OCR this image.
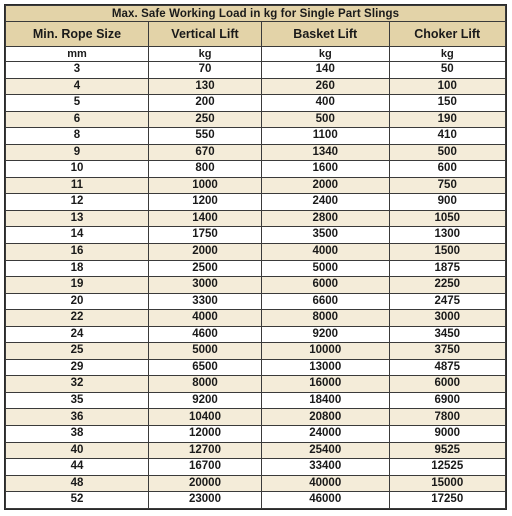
Max. Safe Working Load in kg for Single Part Slings			
Min. Rope Size	Vertical Lift	Basket Lift	Choker Lift
mm	kg	kg	kg
3	70	140	50
4	130	260	100
5	200	400	150
6	250	500	190
8	550	1100	410
9	670	1340	500
10	800	1600	600
11	1000	2000	750
12	1200	2400	900
13	1400	2800	1050
14	1750	3500	1300
16	2000	4000	1500
18	2500	5000	1875
19	3000	6000	2250
20	3300	6600	2475
22	4000	8000	3000
24	4600	9200	3450
25	5000	10000	3750
29	6500	13000	4875
32	8000	16000	6000
35	9200	18400	6900
36	10400	20800	7800
38	12000	24000	9000
40	12700	25400	9525
44	16700	33400	12525
48	20000	40000	15000
52	23000	46000	17250
